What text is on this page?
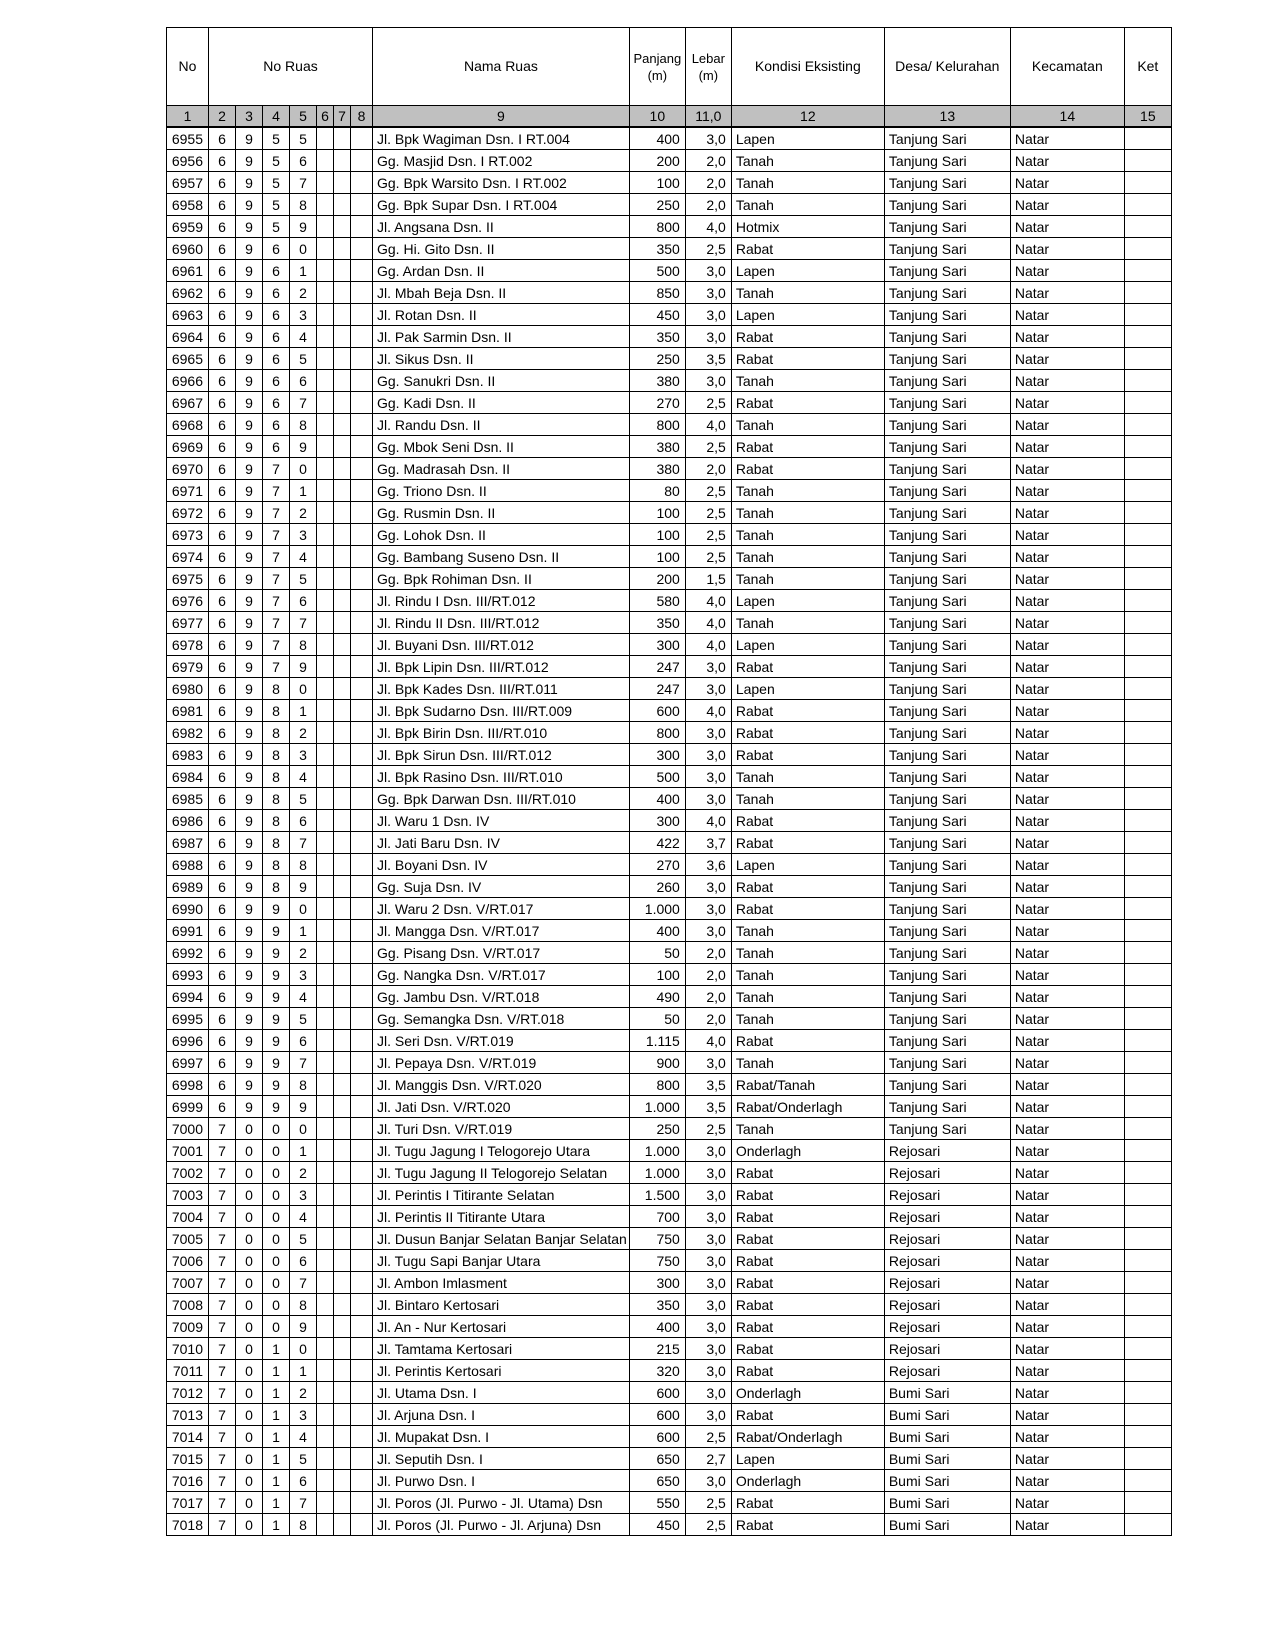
No	No Ruas							Nama Ruas	Panjang (m)	Lebar (m)	Kondisi Eksisting	Desa/ Kelurahan	Kecamatan	Ket
1	2	3	4	5	6	7	8	9	10	11,0	12	13	14	15
6955	6	9	5	5				Jl. Bpk Wagiman Dsn. I RT.004	400	3,0	Lapen	Tanjung Sari	Natar	
6956	6	9	5	6				Gg. Masjid Dsn. I RT.002	200	2,0	Tanah	Tanjung Sari	Natar	
6957	6	9	5	7				Gg. Bpk Warsito Dsn. I RT.002	100	2,0	Tanah	Tanjung Sari	Natar	
6958	6	9	5	8				Gg. Bpk Supar Dsn. I RT.004	250	2,0	Tanah	Tanjung Sari	Natar	
6959	6	9	5	9				Jl. Angsana Dsn. II	800	4,0	Hotmix	Tanjung Sari	Natar	
6960	6	9	6	0				Gg. Hi. Gito Dsn. II	350	2,5	Rabat	Tanjung Sari	Natar	
6961	6	9	6	1				Gg. Ardan Dsn. II	500	3,0	Lapen	Tanjung Sari	Natar	
6962	6	9	6	2				Jl. Mbah Beja Dsn. II	850	3,0	Tanah	Tanjung Sari	Natar	
6963	6	9	6	3				Jl. Rotan Dsn. II	450	3,0	Lapen	Tanjung Sari	Natar	
6964	6	9	6	4				Jl. Pak Sarmin Dsn. II	350	3,0	Rabat	Tanjung Sari	Natar	
6965	6	9	6	5				Jl. Sikus Dsn. II	250	3,5	Rabat	Tanjung Sari	Natar	
6966	6	9	6	6				Gg. Sanukri Dsn. II	380	3,0	Tanah	Tanjung Sari	Natar	
6967	6	9	6	7				Gg. Kadi Dsn. II	270	2,5	Rabat	Tanjung Sari	Natar	
6968	6	9	6	8				Jl. Randu Dsn. II	800	4,0	Tanah	Tanjung Sari	Natar	
6969	6	9	6	9				Gg. Mbok Seni Dsn. II	380	2,5	Rabat	Tanjung Sari	Natar	
6970	6	9	7	0				Gg. Madrasah Dsn. II	380	2,0	Rabat	Tanjung Sari	Natar	
6971	6	9	7	1				Gg. Triono Dsn. II	80	2,5	Tanah	Tanjung Sari	Natar	
6972	6	9	7	2				Gg. Rusmin Dsn. II	100	2,5	Tanah	Tanjung Sari	Natar	
6973	6	9	7	3				Gg. Lohok Dsn. II	100	2,5	Tanah	Tanjung Sari	Natar	
6974	6	9	7	4				Gg. Bambang Suseno Dsn. II	100	2,5	Tanah	Tanjung Sari	Natar	
6975	6	9	7	5				Gg. Bpk Rohiman Dsn. II	200	1,5	Tanah	Tanjung Sari	Natar	
6976	6	9	7	6				Jl. Rindu I Dsn. III/RT.012	580	4,0	Lapen	Tanjung Sari	Natar	
6977	6	9	7	7				Jl. Rindu II Dsn. III/RT.012	350	4,0	Tanah	Tanjung Sari	Natar	
6978	6	9	7	8				Jl. Buyani Dsn. III/RT.012	300	4,0	Lapen	Tanjung Sari	Natar	
6979	6	9	7	9				Jl. Bpk Lipin Dsn. III/RT.012	247	3,0	Rabat	Tanjung Sari	Natar	
6980	6	9	8	0				Jl. Bpk Kades Dsn. III/RT.011	247	3,0	Lapen	Tanjung Sari	Natar	
6981	6	9	8	1				Jl. Bpk Sudarno Dsn. III/RT.009	600	4,0	Rabat	Tanjung Sari	Natar	
6982	6	9	8	2				Jl. Bpk Birin Dsn. III/RT.010	800	3,0	Rabat	Tanjung Sari	Natar	
6983	6	9	8	3				Jl. Bpk Sirun Dsn. III/RT.012	300	3,0	Rabat	Tanjung Sari	Natar	
6984	6	9	8	4				Jl. Bpk Rasino Dsn. III/RT.010	500	3,0	Tanah	Tanjung Sari	Natar	
6985	6	9	8	5				Gg. Bpk Darwan Dsn. III/RT.010	400	3,0	Tanah	Tanjung Sari	Natar	
6986	6	9	8	6				Jl. Waru 1 Dsn. IV	300	4,0	Rabat	Tanjung Sari	Natar	
6987	6	9	8	7				Jl. Jati Baru Dsn. IV	422	3,7	Rabat	Tanjung Sari	Natar	
6988	6	9	8	8				Jl. Boyani Dsn. IV	270	3,6	Lapen	Tanjung Sari	Natar	
6989	6	9	8	9				Gg. Suja Dsn. IV	260	3,0	Rabat	Tanjung Sari	Natar	
6990	6	9	9	0				Jl. Waru 2 Dsn. V/RT.017	1.000	3,0	Rabat	Tanjung Sari	Natar	
6991	6	9	9	1				Jl. Mangga Dsn. V/RT.017	400	3,0	Tanah	Tanjung Sari	Natar	
6992	6	9	9	2				Gg. Pisang Dsn. V/RT.017	50	2,0	Tanah	Tanjung Sari	Natar	
6993	6	9	9	3				Gg. Nangka Dsn. V/RT.017	100	2,0	Tanah	Tanjung Sari	Natar	
6994	6	9	9	4				Gg. Jambu Dsn. V/RT.018	490	2,0	Tanah	Tanjung Sari	Natar	
6995	6	9	9	5				Gg. Semangka Dsn. V/RT.018	50	2,0	Tanah	Tanjung Sari	Natar	
6996	6	9	9	6				Jl. Seri Dsn. V/RT.019	1.115	4,0	Rabat	Tanjung Sari	Natar	
6997	6	9	9	7				Jl. Pepaya Dsn. V/RT.019	900	3,0	Tanah	Tanjung Sari	Natar	
6998	6	9	9	8				Jl. Manggis Dsn. V/RT.020	800	3,5	Rabat/Tanah	Tanjung Sari	Natar	
6999	6	9	9	9				Jl. Jati Dsn. V/RT.020	1.000	3,5	Rabat/Onderlagh	Tanjung Sari	Natar	
7000	7	0	0	0				Jl. Turi Dsn. V/RT.019	250	2,5	Tanah	Tanjung Sari	Natar	
7001	7	0	0	1				Jl. Tugu Jagung I Telogorejo Utara	1.000	3,0	Onderlagh	Rejosari	Natar	
7002	7	0	0	2				Jl. Tugu Jagung II Telogorejo Selatan	1.000	3,0	Rabat	Rejosari	Natar	
7003	7	0	0	3				Jl. Perintis I Titirante Selatan	1.500	3,0	Rabat	Rejosari	Natar	
7004	7	0	0	4				Jl. Perintis II Titirante Utara	700	3,0	Rabat	Rejosari	Natar	
7005	7	0	0	5				Jl. Dusun Banjar Selatan Banjar Selatan	750	3,0	Rabat	Rejosari	Natar	
7006	7	0	0	6				Jl. Tugu Sapi Banjar Utara	750	3,0	Rabat	Rejosari	Natar	
7007	7	0	0	7				Jl. Ambon Imlasment	300	3,0	Rabat	Rejosari	Natar	
7008	7	0	0	8				Jl. Bintaro Kertosari	350	3,0	Rabat	Rejosari	Natar	
7009	7	0	0	9				Jl. An - Nur Kertosari	400	3,0	Rabat	Rejosari	Natar	
7010	7	0	1	0				Jl. Tamtama Kertosari	215	3,0	Rabat	Rejosari	Natar	
7011	7	0	1	1				Jl. Perintis Kertosari	320	3,0	Rabat	Rejosari	Natar	
7012	7	0	1	2				Jl. Utama Dsn. I	600	3,0	Onderlagh	Bumi Sari	Natar	
7013	7	0	1	3				Jl. Arjuna Dsn. I	600	3,0	Rabat	Bumi Sari	Natar	
7014	7	0	1	4				Jl. Mupakat Dsn. I	600	2,5	Rabat/Onderlagh	Bumi Sari	Natar	
7015	7	0	1	5				Jl. Seputih Dsn. I	650	2,7	Lapen	Bumi Sari	Natar	
7016	7	0	1	6				Jl. Purwo Dsn. I	650	3,0	Onderlagh	Bumi Sari	Natar	
7017	7	0	1	7				Jl. Poros (Jl. Purwo - Jl. Utama) Dsn	550	2,5	Rabat	Bumi Sari	Natar	
7018	7	0	1	8				Jl. Poros (Jl. Purwo - Jl. Arjuna) Dsn	450	2,5	Rabat	Bumi Sari	Natar	
